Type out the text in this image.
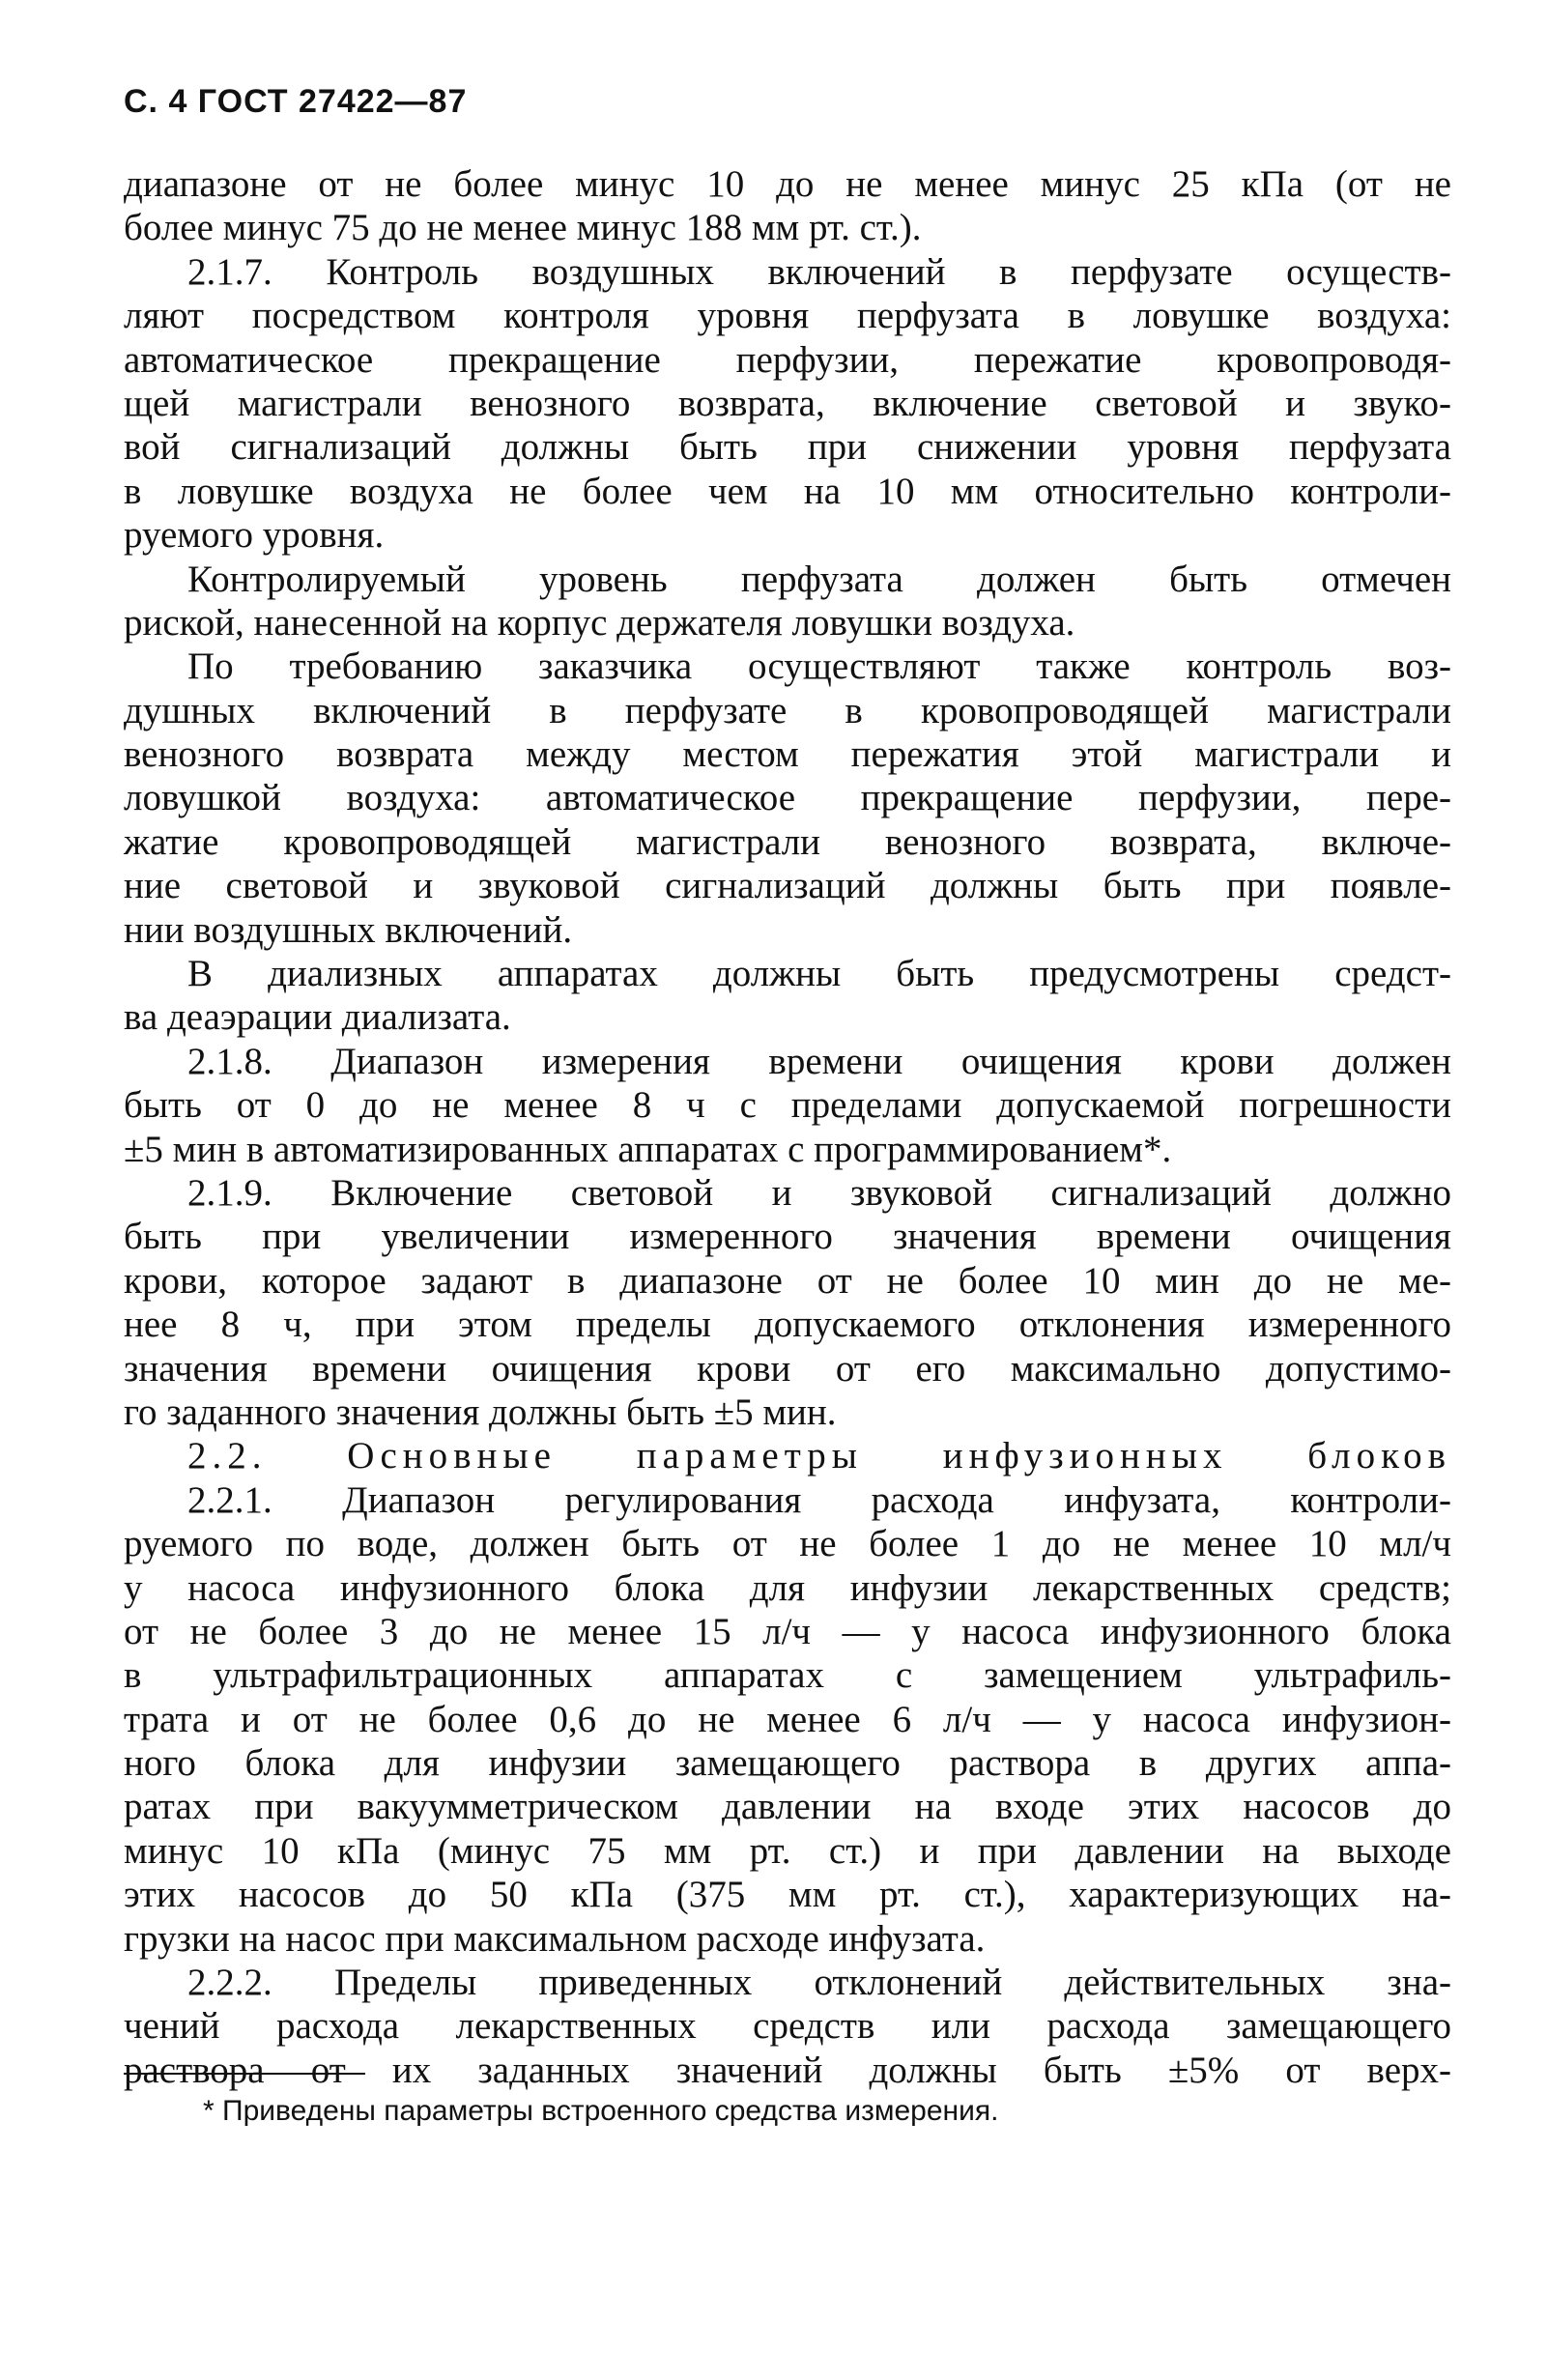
С. 4 ГОСТ 27422—87
диапазоне от не более минус 10 до не менее минус 25 кПа (от не
более минус 75 до не менее минус 188 мм рт. ст.).
2.1.7. Контроль воздушных включений в перфузате осуществ-
ляют посредством контроля уровня перфузата в ловушке воздуха:
автоматическое прекращение перфузии, пережатие кровопроводя-
щей магистрали венозного возврата, включение световой и звуко-
вой сигнализаций должны быть при снижении уровня перфузата
в ловушке воздуха не более чем на 10 мм относительно контроли-
руемого уровня.
Контролируемый уровень перфузата должен быть отмечен
риской, нанесенной на корпус держателя ловушки воздуха.
По требованию заказчика осуществляют также контроль воз-
душных включений в перфузате в кровопроводящей магистрали
венозного возврата между местом пережатия этой магистрали и
ловушкой воздуха: автоматическое прекращение перфузии, пере-
жатие кровопроводящей магистрали венозного возврата, включе-
ние световой и звуковой сигнализаций должны быть при появле-
нии воздушных включений.
В диализных аппаратах должны быть предусмотрены средст-
ва деаэрации диализата.
2.1.8. Диапазон измерения времени очищения крови должен
быть от 0 до не менее 8 ч с пределами допускаемой погрешности
±5 мин в автоматизированных аппаратах с программированием*.
2.1.9. Включение световой и звуковой сигнализаций должно
быть при увеличении измеренного значения времени очищения
крови, которое задают в диапазоне от не более 10 мин до не ме-
нее 8 ч, при этом пределы допускаемого отклонения измеренного
значения времени очищения крови от его максимально допустимо-
го заданного значения должны быть ±5 мин.
2.2. Основные параметры инфузионных блоков
2.2.1. Диапазон регулирования расхода инфузата, контроли-
руемого по воде, должен быть от не более 1 до не менее 10 мл/ч
у насоса инфузионного блока для инфузии лекарственных средств;
от не более 3 до не менее 15 л/ч — у насоса инфузионного блока
в ультрафильтрационных аппаратах с замещением ультрафиль-
трата и от не более 0,6 до не менее 6 л/ч — у насоса инфузион-
ного блока для инфузии замещающего раствора в других аппа-
ратах при вакуумметрическом давлении на входе этих насосов до
минус 10 кПа (минус 75 мм рт. ст.) и при давлении на выходе
этих насосов до 50 кПа (375 мм рт. ст.), характеризующих на-
грузки на насос при максимальном расходе инфузата.
2.2.2. Пределы приведенных отклонений действительных зна-
чений расхода лекарственных средств или расхода замещающего
раствора от их заданных значений должны быть ±5% от верх-
* Приведены параметры встроенного средства измерения.
